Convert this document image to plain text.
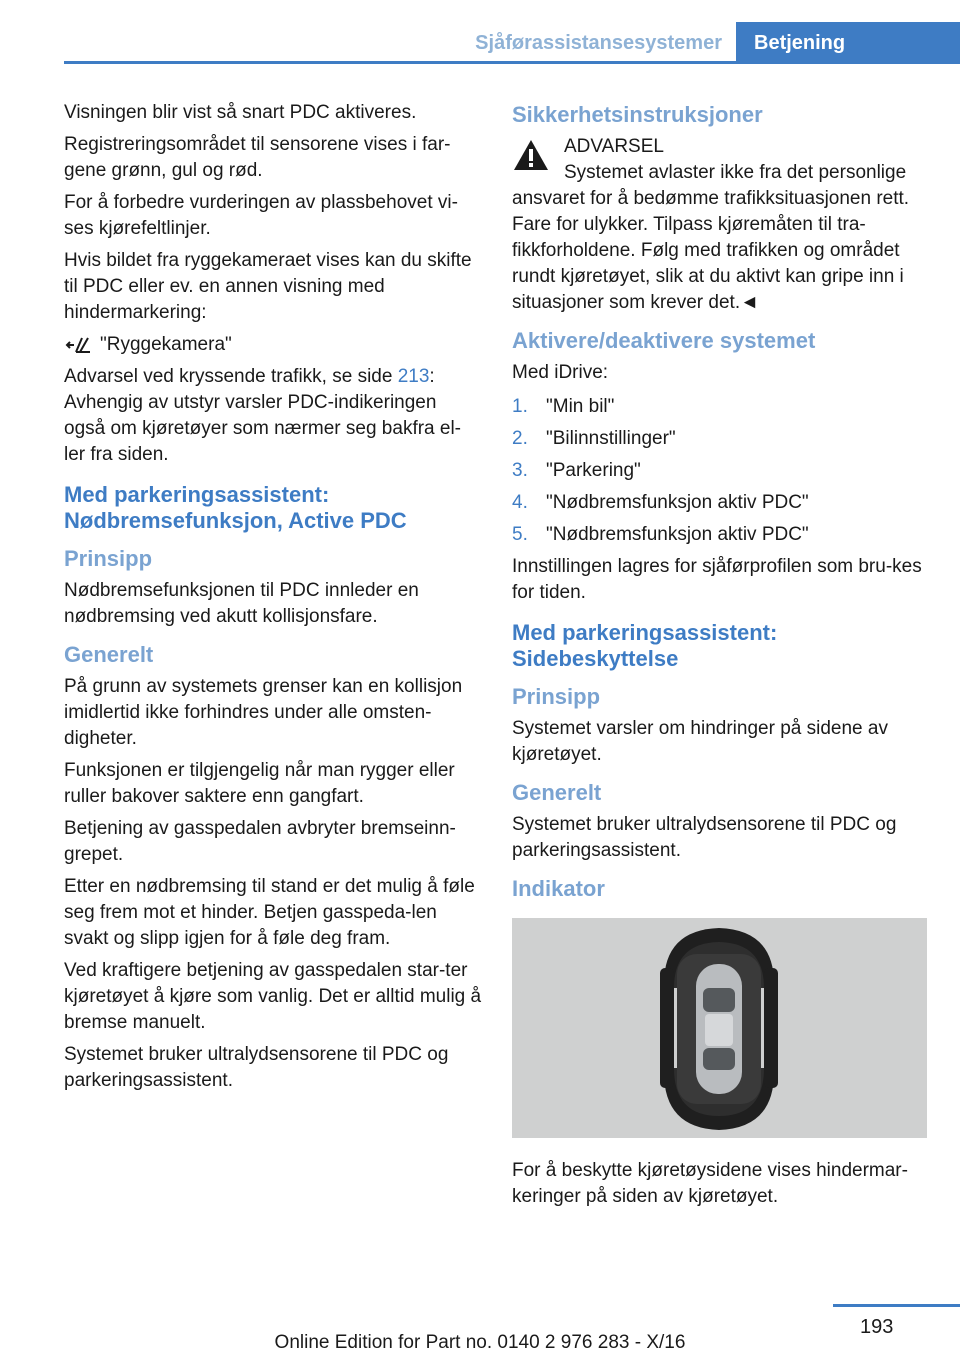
Sjåførassistansesystemer	Betjening

Visningen blir vist så snart PDC aktiveres.

Registreringsområdet til sensorene vises i far-gene grønn, gul og rød.

For å forbedre vurderingen av plassbehovet vi-ses kjørefeltlinjer.

Hvis bildet fra ryggekameraet vises kan du skifte til PDC eller ev. en annen visning med hindermarkering:

"Ryggekamera"

Advarsel ved kryssende trafikk, se side 213:
Avhengig av utstyr varsler PDC-indikeringen også om kjøretøyer som nærmer seg bakfra el-ler fra siden.

Med parkeringsassistent: Nødbremsefunksjon, Active PDC
Prinsipp

Nødbremsefunksjonen til PDC innleder en nødbremsing ved akutt kollisjonsfare.

Generelt

På grunn av systemets grenser kan en kollisjon imidlertid ikke forhindres under alle omsten-digheter.

Funksjonen er tilgjengelig når man rygger eller ruller bakover saktere enn gangfart.

Betjening av gasspedalen avbryter bremseinn-grepet.

Etter en nødbremsing til stand er det mulig å føle seg frem mot et hinder. Betjen gasspeda-len svakt og slipp igjen for å føle deg fram.

Ved kraftigere betjening av gasspedalen star-ter kjøretøyet å kjøre som vanlig. Det er alltid mulig å bremse manuelt.

Systemet bruker ultralydsensorene til PDC og parkeringsassistent.

Sikkerhetsinstruksjoner
ADVARSEL
Systemet avlaster ikke fra det personlige ansvaret for å bedømme trafikksituasjonen rett. Fare for ulykker. Tilpass kjøremåten til tra-fikkforholdene. Følg med trafikken og området rundt kjøretøyet, slik at du aktivt kan gripe inn i situasjoner som krever det.◄
Aktivere/deaktivere systemet

Med iDrive:

1. "Min bil"
2. "Bilinnstillinger"
3. "Parkering"
4. "Nødbremsfunksjon aktiv PDC"
5. "Nødbremsfunksjon aktiv PDC"

Innstillingen lagres for sjåførprofilen som bru-kes for tiden.

Med parkeringsassistent: Sidebeskyttelse
Prinsipp

Systemet varsler om hindringer på sidene av kjøretøyet.

Generelt

Systemet bruker ultralydsensorene til PDC og parkeringsassistent.

Indikator

For å beskytte kjøretøysidene vises hindermar-keringer på siden av kjøretøyet.

193
Online Edition for Part no. 0140 2 976 283 - X/16
